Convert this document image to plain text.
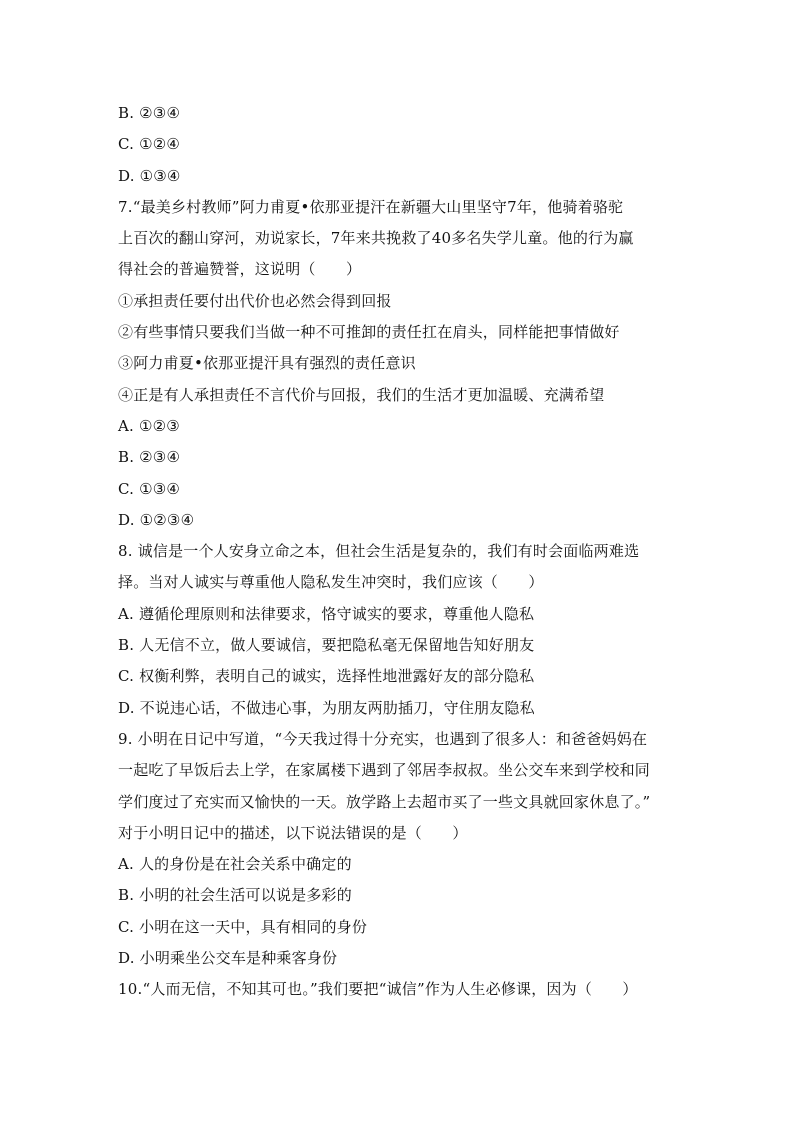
B. ②③④
C. ①②④
D. ①③④
7.“最美乡村教师”阿力甫夏•依那亚提汗在新疆大山里坚守7年，他骑着骆驼
上百次的翻山穿河，劝说家长，7年来共挽救了40多名失学儿童。他的行为赢
得社会的普遍赞誉，这说明（　　）
①承担责任要付出代价也必然会得到回报
②有些事情只要我们当做一种不可推卸的责任扛在肩头，同样能把事情做好
③阿力甫夏•依那亚提汗具有强烈的责任意识
④正是有人承担责任不言代价与回报，我们的生活才更加温暖、充满希望
A. ①②③
B. ②③④
C. ①③④
D. ①②③④
8. 诚信是一个人安身立命之本，但社会生活是复杂的，我们有时会面临两难选
择。当对人诚实与尊重他人隐私发生冲突时，我们应该（　　）
A. 遵循伦理原则和法律要求，恪守诚实的要求，尊重他人隐私
B. 人无信不立，做人要诚信，要把隐私毫无保留地告知好朋友
C. 权衡利弊，表明自己的诚实，选择性地泄露好友的部分隐私
D. 不说违心话，不做违心事，为朋友两肋插刀，守住朋友隐私
9. 小明在日记中写道，“今天我过得十分充实，也遇到了很多人：和爸爸妈妈在
一起吃了早饭后去上学，在家属楼下遇到了邻居李叔叔。坐公交车来到学校和同
学们度过了充实而又愉快的一天。放学路上去超市买了一些文具就回家休息了。”
对于小明日记中的描述，以下说法错误的是（　　）
A. 人的身份是在社会关系中确定的
B. 小明的社会生活可以说是多彩的
C. 小明在这一天中，具有相同的身份
D. 小明乘坐公交车是种乘客身份
10.“人而无信，不知其可也。”我们要把“诚信”作为人生必修课，因为（　　）
